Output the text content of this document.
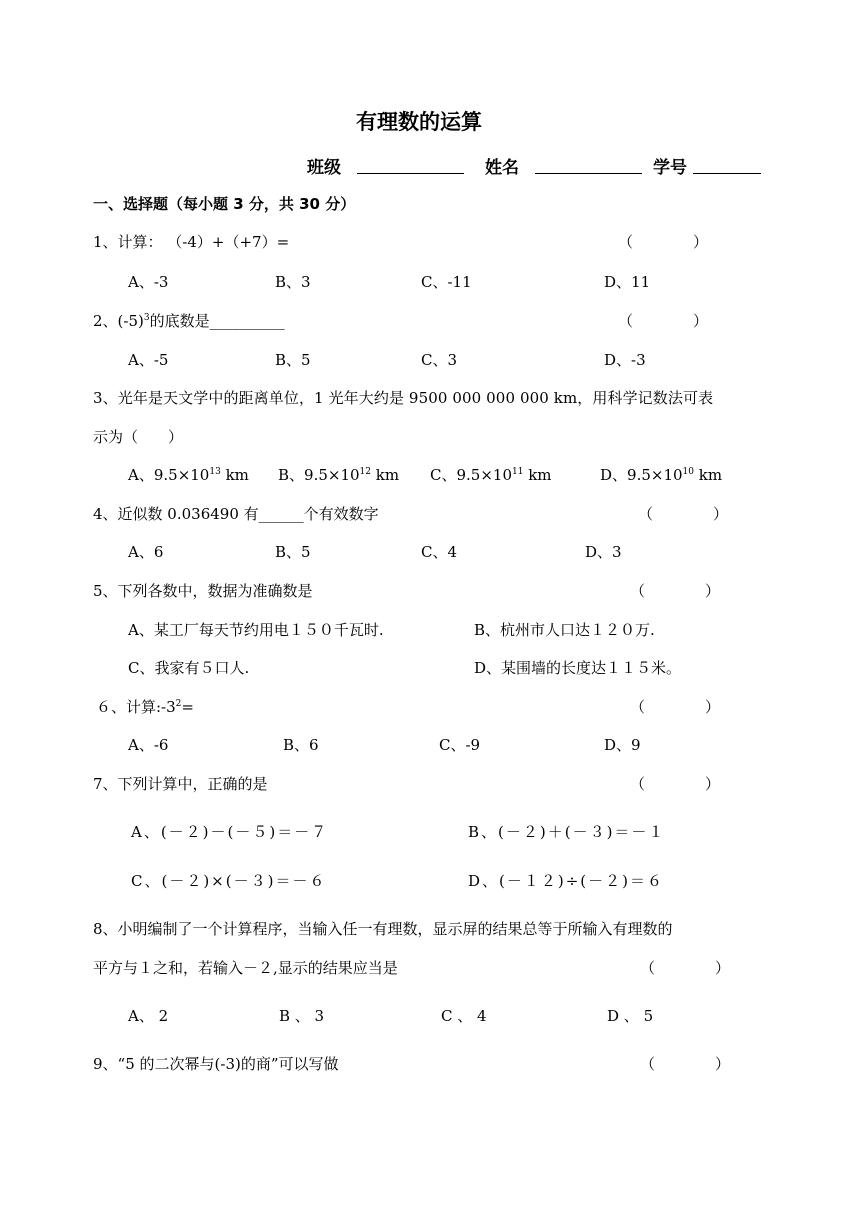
有理数的运算
班级	姓名	学号
一、选择题（每小题 3 分，共 30 分）
1、计算： （-4）+（+7）=	（　　　　）
A、-3	B、3	C、-11	D、11
2、$(-5)^3$的底数是__________	（　　　　）
A、-5	B、5	C、3	D、-3
3、光年是天文学中的距离单位，1 光年大约是 9500 000 000 000 km，用科学记数法可表
示为（　　）
A、$9.5\times 10^{13}$ km B、$9.5\times 10^{12}$ km C、$9.5\times 10^{11}$ km	D、$9.5\times 10^{10}$ km
4、近似数 0.036490 有______个有效数字	（　　　　）
A、6	B、5	C、4	D、3
5、下列各数中，数据为准确数是	（　　　　）
A、某工厂每天节约用电１５０千瓦时.	B、杭州市人口达１２０万.
C、我家有５口人.	D、某围墙的长度达１１５米。
６、计算$:-3^2=$	（　　　　）
A、-6	B、6	C、-9	D、9
7、下列计算中，正确的是	（　　　　）
A、(－２)－(－５)＝－７	B、(－２)＋(－３)＝－１
C、(－２)×(－３)＝－６	D、(－１２)÷(－２)＝６
8、小明编制了一个计算程序，当输入任一有理数，显示屏的结果总等于所输入有理数的
平方与１之和，若输入－２,显示的结果应当是	（　　　　）
A、 2	B 、 3	C 、 4	D 、 5
9、“5 的二次幂与(-3)的商”可以写做	（　　　　）
